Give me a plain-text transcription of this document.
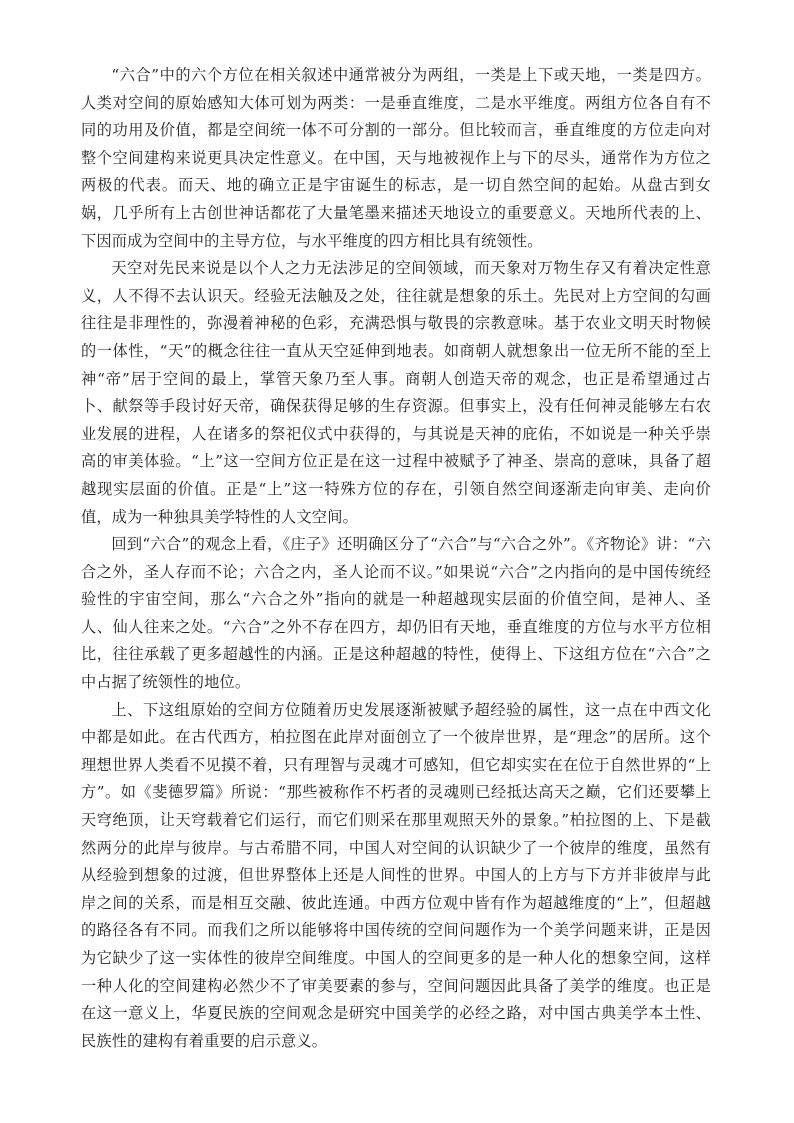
“六合”中的六个方位在相关叙述中通常被分为两组，一类是上下或天地，一类是四方。人类对空间的原始感知大体可划为两类：一是垂直维度，二是水平维度。两组方位各自有不同的功用及价值，都是空间统一体不可分割的一部分。但比较而言，垂直维度的方位走向对整个空间建构来说更具决定性意义。在中国，天与地被视作上与下的尽头，通常作为方位之两极的代表。而天、地的确立正是宇宙诞生的标志，是一切自然空间的起始。从盘古到女娲，几乎所有上古创世神话都花了大量笔墨来描述天地设立的重要意义。天地所代表的上、下因而成为空间中的主导方位，与水平维度的四方相比具有统领性。

天空对先民来说是以个人之力无法涉足的空间领域，而天象对万物生存又有着决定性意义，人不得不去认识天。经验无法触及之处，往往就是想象的乐土。先民对上方空间的勾画往往是非理性的，弥漫着神秘的色彩，充满恐惧与敬畏的宗教意味。基于农业文明天时物候的一体性，“天”的概念往往一直从天空延伸到地表。如商朝人就想象出一位无所不能的至上神“帝”居于空间的最上，掌管天象乃至人事。商朝人创造天帝的观念，也正是希望通过占卜、献祭等手段讨好天帝，确保获得足够的生存资源。但事实上，没有任何神灵能够左右农业发展的进程，人在诸多的祭祀仪式中获得的，与其说是天神的庇佑，不如说是一种关乎崇高的审美体验。“上”这一空间方位正是在这一过程中被赋予了神圣、崇高的意味，具备了超越现实层面的价值。正是“上”这一特殊方位的存在，引领自然空间逐渐走向审美、走向价值，成为一种独具美学特性的人文空间。

回到“六合”的观念上看，《庄子》还明确区分了“六合”与“六合之外”。《齐物论》讲：“六合之外，圣人存而不论；六合之内，圣人论而不议。”如果说“六合”之内指向的是中国传统经验性的宇宙空间，那么“六合之外”指向的就是一种超越现实层面的价值空间，是神人、圣人、仙人往来之处。“六合”之外不存在四方，却仍旧有天地，垂直维度的方位与水平方位相比，往往承载了更多超越性的内涵。正是这种超越的特性，使得上、下这组方位在“六合”之中占据了统领性的地位。

上、下这组原始的空间方位随着历史发展逐渐被赋予超经验的属性，这一点在中西文化中都是如此。在古代西方，柏拉图在此岸对面创立了一个彼岸世界，是“理念”的居所。这个理想世界人类看不见摸不着，只有理智与灵魂才可感知，但它却实实在在位于自然世界的“上方”。如《斐德罗篇》所说：“那些被称作不朽者的灵魂则已经抵达高天之巅，它们还要攀上天穹绝顶，让天穹载着它们运行，而它们则采在那里观照天外的景象。”柏拉图的上、下是截然两分的此岸与彼岸。与古希腊不同，中国人对空间的认识缺少了一个彼岸的维度，虽然有从经验到想象的过渡，但世界整体上还是人间性的世界。中国人的上方与下方并非彼岸与此岸之间的关系，而是相互交融、彼此连通。中西方位观中皆有作为超越维度的“上”，但超越的路径各有不同。而我们之所以能够将中国传统的空间问题作为一个美学问题来讲，正是因为它缺少了这一实体性的彼岸空间维度。中国人的空间更多的是一种人化的想象空间，这样一种人化的空间建构必然少不了审美要素的参与，空间问题因此具备了美学的维度。也正是在这一意义上，华夏民族的空间观念是研究中国美学的必经之路，对中国古典美学本土性、民族性的建构有着重要的启示意义。
